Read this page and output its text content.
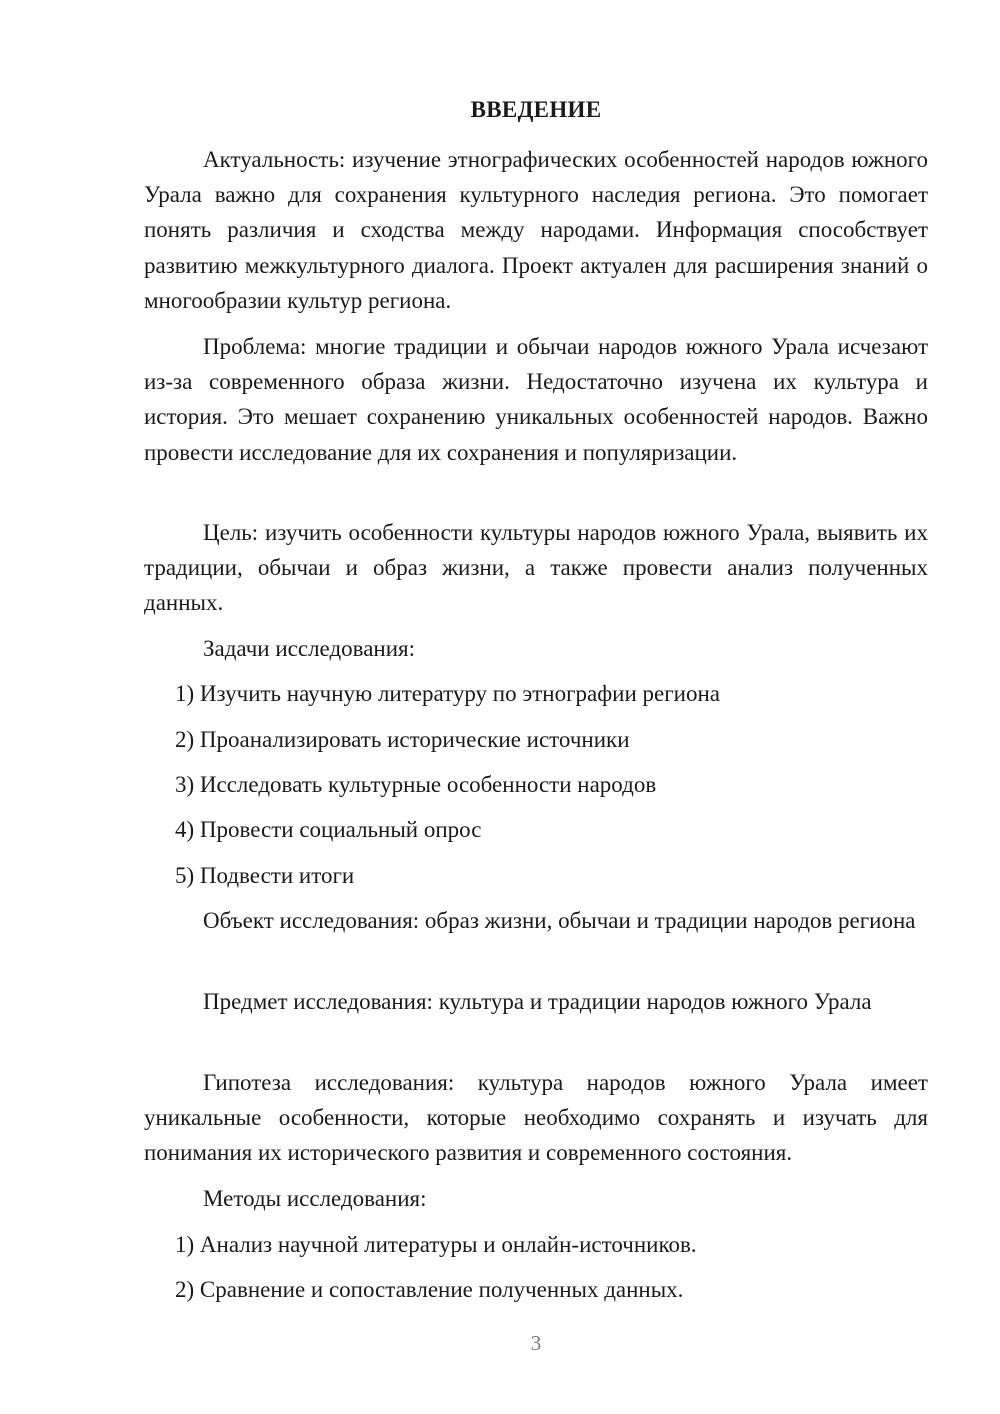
ВВЕДЕНИЕ

Актуальность: изучение этнографических особенностей народов южного Урала важно для сохранения культурного наследия региона. Это помогает понять различия и сходства между народами. Информация способствует развитию межкультурного диалога. Проект актуален для расширения знаний о многообразии культур региона.

Проблема: многие традиции и обычаи народов южного Урала исчезают из-за современного образа жизни. Недостаточно изучена их культура и история. Это мешает сохранению уникальных особенностей народов. Важно провести исследование для их сохранения и популяризации.

Цель: изучить особенности культуры народов южного Урала, выявить их традиции, обычаи и образ жизни, а также провести анализ полученных данных.

Задачи исследования:

1) Изучить научную литературу по этнографии региона

2) Проанализировать исторические источники

3) Исследовать культурные особенности народов

4) Провести социальный опрос

5) Подвести итоги

Объект исследования: образ жизни, обычаи и традиции народов региона

Предмет исследования: культура и традиции народов южного Урала

Гипотеза исследования: культура народов южного Урала имеет уникальные особенности, которые необходимо сохранять и изучать для понимания их исторического развития и современного состояния.

Методы исследования:

1) Анализ научной литературы и онлайн-источников.

2) Сравнение и сопоставление полученных данных.

3
